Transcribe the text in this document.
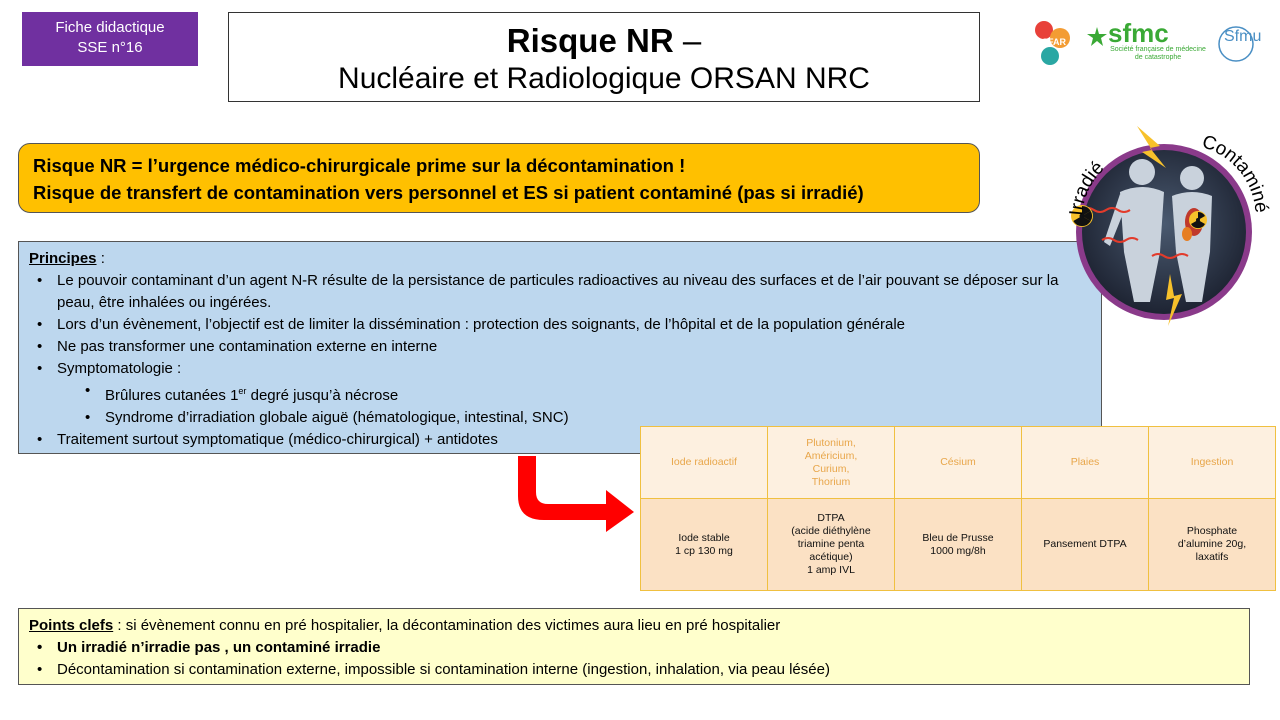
Fiche didactique
SSE n°16	Risque NR –
Nucléaire et Radiologique ORSAN NRC
SFAR sfmc
Société française de médecine de catastrophe
Sfmu
Risque NR = l’urgence médico-chirurgicale prime sur la décontamination !
Risque de transfert de contamination vers personnel et ES si patient contaminé (pas si irradié)
Principes :
• Le pouvoir contaminant d’un agent N-R résulte de la persistance de particules radioactives au niveau des surfaces et de l’air pouvant se déposer sur la peau, être inhalées ou ingérées.
• Lors d’un évènement, l’objectif est de limiter la dissémination : protection des soignants, de l’hôpital et de la population générale
• Ne pas transformer une contamination externe en interne
• Symptomatologie :
• Brûlures cutanées 1er degré jusqu’à nécrose
• Syndrome d’irradiation globale aiguë (hématologique, intestinal, SNC)
• Traitement surtout symptomatique (médico-chirurgical) + antidotes
Irradié
Contaminé
Iode radioactif	Plutonium,
Américium,
Curium,
Thorium	Césium	Plaies	Ingestion
Iode stable
1 cp 130 mg	DTPA
(acide diéthylène
triamine penta
acétique)
1 amp IVL	Bleu de Prusse
1000 mg/8h	Pansement DTPA	Phosphate
d’alumine 20g,
laxatifs
Points clefs : si évènement connu en pré hospitalier, la décontamination des victimes aura lieu en pré hospitalier
• Un irradié n’irradie pas , un contaminé irradie
• Décontamination si contamination externe, impossible si contamination interne (ingestion, inhalation, via peau lésée)
